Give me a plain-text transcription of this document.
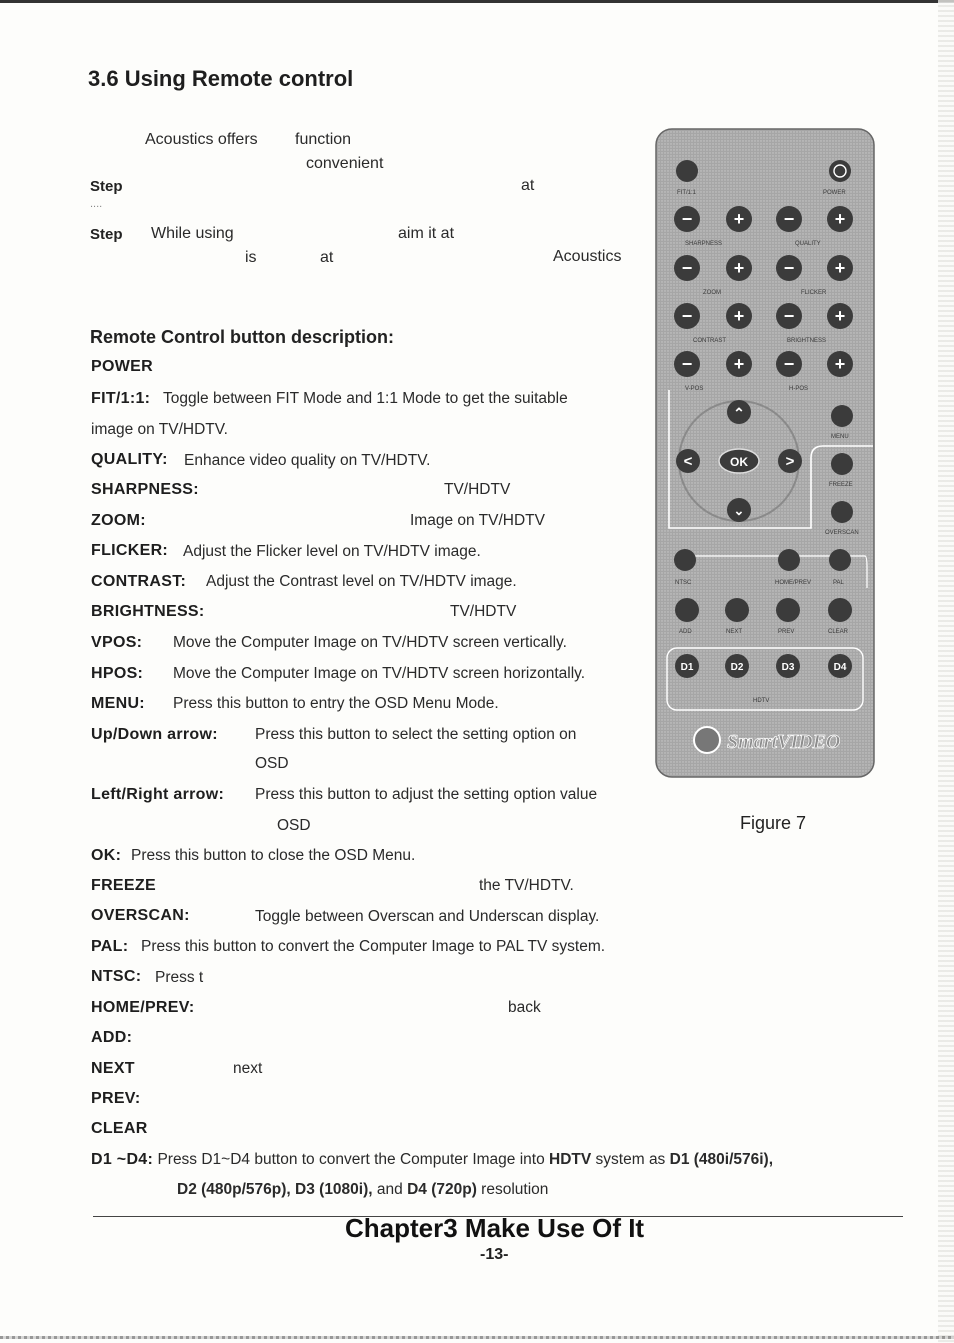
3.6 Using Remote control
Acoustics offers function
convenient
Step	at
....
Step While using	aim it at
is	at	Acoustics
Remote Control button description:
POWER
FIT/1:1: Toggle between FIT Mode and 1:1 Mode to get the suitable
image on TV/HDTV.
QUALITY: Enhance video quality on TV/HDTV.
SHARPNESS:	TV/HDTV
ZOOM:	Image on TV/HDTV
FLICKER: Adjust the Flicker level on TV/HDTV image.
CONTRAST: Adjust the Contrast level on TV/HDTV image.
BRIGHTNESS:	TV/HDTV
VPOS: Move the Computer Image on TV/HDTV screen vertically.
HPOS: Move the Computer Image on TV/HDTV screen horizontally.
MENU: Press this button to entry the OSD Menu Mode.
Up/Down arrow: Press this button to select the setting option on
OSD
Left/Right arrow: Press this button to adjust the setting option value
OSD
OK: Press this button to close the OSD Menu.
FREEZE	the TV/HDTV.
OVERSCAN:	Toggle between Overscan and Underscan display.
PAL: Press this button to convert the Computer Image to PAL TV system.
NTSC: Press t
HOME/PREV:	back
ADD:
NEXT	next
PREV:
CLEAR
D1 ~D4: Press D1~D4 button to convert the Computer Image into HDTV system as D1 (480i/576i),
D2 (480p/576p), D3 (1080i), and D4 (720p) resolution
FIT/1:1	POWER
− + − +
SHARPNESS	QUALITY
− + − +
ZOOM	FLICKER
− + − +
CONTRAST	BRIGHTNESS
− + − +
V-POS	H-POS
⌃
⌄
<	>
OK
MENU
FREEZE
OVERSCAN
NTSC	HOME/PREV	PAL
ADD	NEXT	PREV	CLEAR
D1	D2	D3	D4
HDTV
SmartVIDEO
Figure 7
Chapter3 Make Use Of It
-13-
